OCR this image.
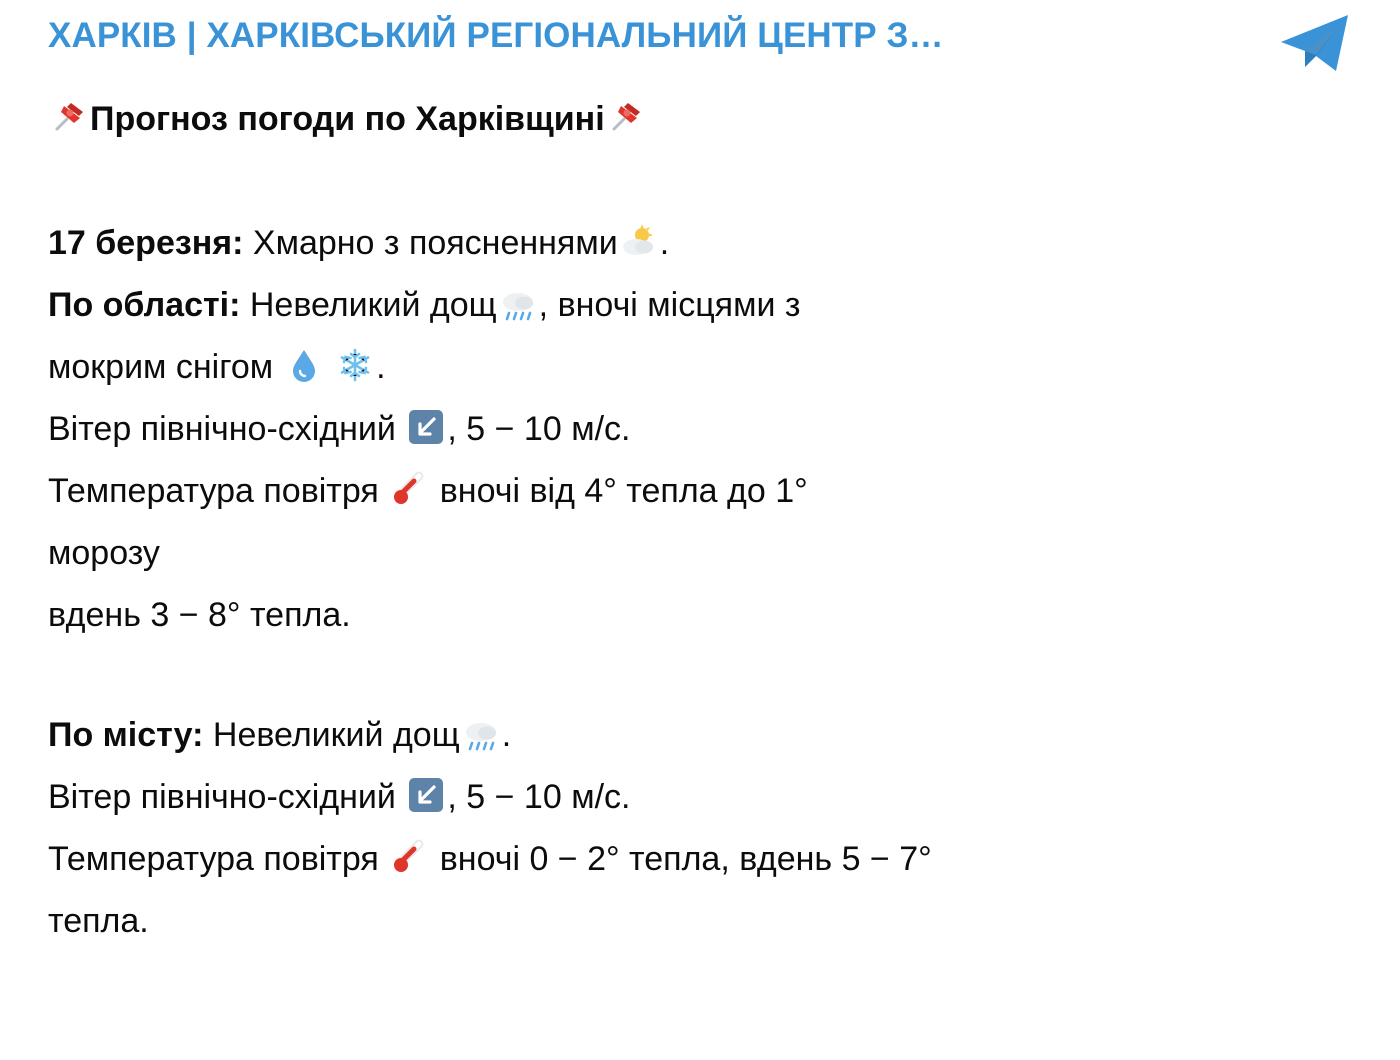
ХАРКІВ | ХАРКІВСЬКИЙ РЕГІОНАЛЬНИЙ ЦЕНТР З…
Прогноз погоди по Харківщині
17 березня: Хмарно з поясненнями .
По області: Невеликий дощ , вночі місцями з
мокрим снігом
	.
Вітер північно-східний , 5 − 10 м/с.
Температура повітря вночі від 4° тепла до 1°
морозу
вдень 3 − 8° тепла.
По місту: Невеликий дощ .
Вітер північно-східний , 5 − 10 м/с.
Температура повітря вночі 0 − 2° тепла, вдень 5 − 7°
тепла.
